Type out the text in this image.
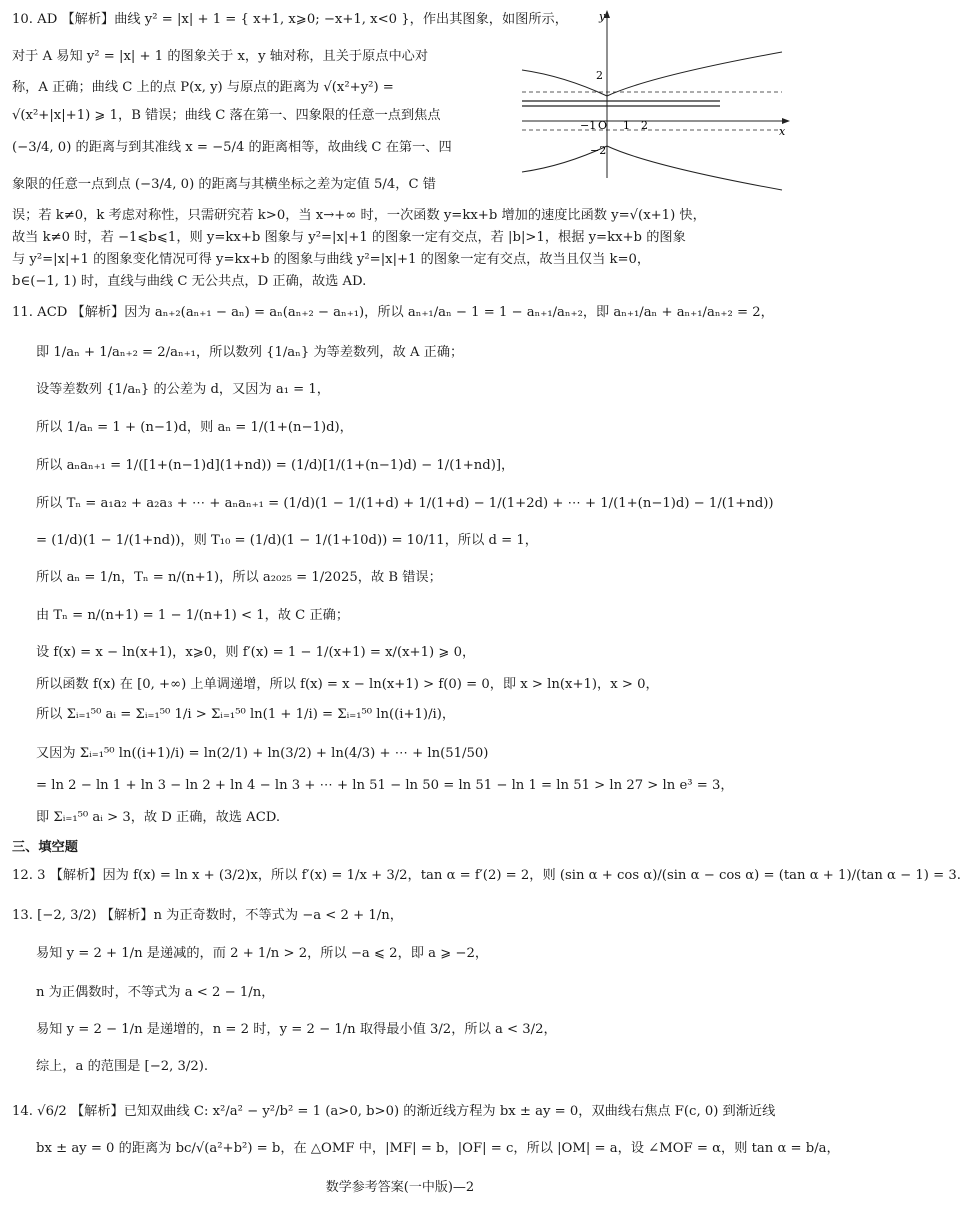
10. AD 【解析】曲线 y² = |x| + 1 = { x+1, x⩾0; −x+1, x<0 }，作出其图象，如图所示，
对于 A 易知 y² = |x| + 1 的图象关于 x，y 轴对称，且关于原点中心对
称，A 正确；曲线 C 上的点 P(x, y) 与原点的距离为 √(x²+y²) =
√(x²+|x|+1) ⩾ 1，B 错误；曲线 C 落在第一、四象限的任意一点到焦点
(−3/4, 0) 的距离与到其准线 x = −5/4 的距离相等，故曲线 C 在第一、四
象限的任意一点到点 (−3/4, 0) 的距离与其横坐标之差为定值 5/4，C 错
误；若 k≠0，k 考虑对称性，只需研究若 k>0，当 x→+∞ 时，一次函数 y=kx+b 增加的速度比函数 y=√(x+1) 快，
故当 k≠0 时，若 −1⩽b⩽1，则 y=kx+b 图象与 y²=|x|+1 的图象一定有交点，若 |b|>1，根据 y=kx+b 的图象
与 y²=|x|+1 的图象变化情况可得 y=kx+b 的图象与曲线 y²=|x|+1 的图象一定有交点，故当且仅当 k=0，
b∈(−1, 1) 时，直线与曲线 C 无公共点，D 正确，故选 AD.
y
x
2
−2
−1 O 1 2
11. ACD 【解析】因为 aₙ₊₂(aₙ₊₁ − aₙ) = aₙ(aₙ₊₂ − aₙ₊₁)，所以 aₙ₊₁/aₙ − 1 = 1 − aₙ₊₁/aₙ₊₂，即 aₙ₊₁/aₙ + aₙ₊₁/aₙ₊₂ = 2，
即 1/aₙ + 1/aₙ₊₂ = 2/aₙ₊₁，所以数列 {1/aₙ} 为等差数列，故 A 正确；
设等差数列 {1/aₙ} 的公差为 d，又因为 a₁ = 1，
所以 1/aₙ = 1 + (n−1)d，则 aₙ = 1/(1+(n−1)d)，
所以 aₙaₙ₊₁ = 1/([1+(n−1)d](1+nd)) = (1/d)[1/(1+(n−1)d) − 1/(1+nd)]，
所以 Tₙ = a₁a₂ + a₂a₃ + ⋯ + aₙaₙ₊₁ = (1/d)(1 − 1/(1+d) + 1/(1+d) − 1/(1+2d) + ⋯ + 1/(1+(n−1)d) − 1/(1+nd))
= (1/d)(1 − 1/(1+nd))，则 T₁₀ = (1/d)(1 − 1/(1+10d)) = 10/11，所以 d = 1，
所以 aₙ = 1/n，Tₙ = n/(n+1)，所以 a₂₀₂₅ = 1/2025，故 B 错误；
由 Tₙ = n/(n+1) = 1 − 1/(n+1) < 1，故 C 正确；
设 f(x) = x − ln(x+1)，x⩾0，则 f′(x) = 1 − 1/(x+1) = x/(x+1) ⩾ 0，
所以函数 f(x) 在 [0, +∞) 上单调递增，所以 f(x) = x − ln(x+1) > f(0) = 0，即 x > ln(x+1)，x > 0，
所以 Σᵢ₌₁⁵⁰ aᵢ = Σᵢ₌₁⁵⁰ 1/i > Σᵢ₌₁⁵⁰ ln(1 + 1/i) = Σᵢ₌₁⁵⁰ ln((i+1)/i)，
又因为 Σᵢ₌₁⁵⁰ ln((i+1)/i) = ln(2/1) + ln(3/2) + ln(4/3) + ⋯ + ln(51/50)
= ln 2 − ln 1 + ln 3 − ln 2 + ln 4 − ln 3 + ⋯ + ln 51 − ln 50 = ln 51 − ln 1 = ln 51 > ln 27 > ln e³ = 3，
即 Σᵢ₌₁⁵⁰ aᵢ > 3，故 D 正确，故选 ACD.
三、填空题
12. 3 【解析】因为 f(x) = ln x + (3/2)x，所以 f′(x) = 1/x + 3/2，tan α = f′(2) = 2，则 (sin α + cos α)/(sin α − cos α) = (tan α + 1)/(tan α − 1) = 3.
13. [−2, 3/2) 【解析】n 为正奇数时，不等式为 −a < 2 + 1/n，
易知 y = 2 + 1/n 是递减的，而 2 + 1/n > 2，所以 −a ⩽ 2，即 a ⩾ −2，
n 为正偶数时，不等式为 a < 2 − 1/n，
易知 y = 2 − 1/n 是递增的，n = 2 时，y = 2 − 1/n 取得最小值 3/2，所以 a < 3/2，
综上，a 的范围是 [−2, 3/2).
14. √6/2 【解析】已知双曲线 C: x²/a² − y²/b² = 1 (a>0, b>0) 的渐近线方程为 bx ± ay = 0，双曲线右焦点 F(c, 0) 到渐近线
bx ± ay = 0 的距离为 bc/√(a²+b²) = b，在 △OMF 中，|MF| = b，|OF| = c，所以 |OM| = a，设 ∠MOF = α，则 tan α = b/a，
数学参考答案(一中版)—2
